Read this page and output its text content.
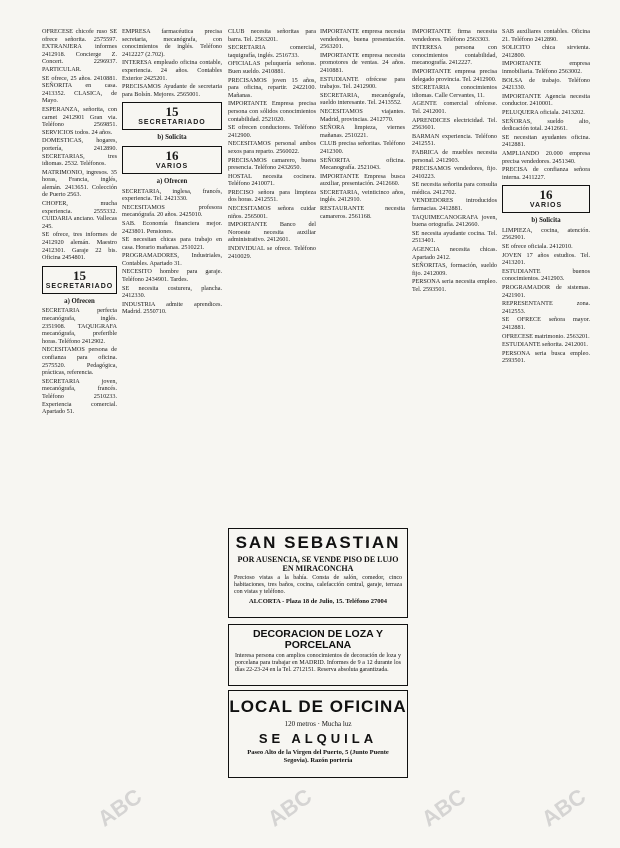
OFRECESE chicofe ruso SE ofrece señorita. 2575597. EXTRANJERA informes 2412918. Concierge Z. Concert. 2296937. PARTICULAR.

SE ofrece, 25 años. 2410881. SEÑORITA en casa. 2413352. CLASICA, de Mayo.

ESPERANZA, señorita, con carnet 2412901 Gran via. Teléfono 2569851. SERVICIOS todos. 24 años.

DOMESTICAS, hogares, portería, 2412890. SECRETARIAS, tres idiomas. 2532. Teléfonos.

MATRIMONIO, ingresos. 35 horas, Francia, inglés, alemán. 2413651. Colección de Puerto 2563.

CHOFER, mucha experiencia. 2555332. CUIDARIA anciano. Vallecas 245.

SE ofrece, tres informes de 2412920 alemán. Maestro 2412301. Garaje 22 bis. Oficina 2454801.

15
SECRETARIADO
a) Ofrecen

SECRETARIA perfecta mecanógrafa, inglés. 2351908. TAQUIGRAFA mecanógrafa, preferible horas. Teléfono 2412902.

NECESITAMOS persona de confianza para oficina. 2575520. Pedagógica, prácticas, referencia.

SECRETARIA joven, mecanógrafa, francés. Teléfono 2510233. Experiencia comercial. Apartado 51.

EMPRESA farmacéutica precisa secretaria, mecanógrafa, con conocimientos de inglés. Teléfono 2412227 (2.702).

INTERESA empleado oficina contable, experiencia. 24 años. Contables Exterior 2425201.

PRECISAMOS Ayudante de secretaria para Bolsín. Mejores. 2565001.

15
SECRETARIADO
b) Solicita
16
VARIOS
a) Ofrecen

SECRETARIA, inglesa, francés, experiencia. Tel. 2421330.

NECESITAMOS profesora mecanógrafa. 20 años. 2425010.

SAB. Economía financiera mejor. 2423801. Pensiones.

SE necesitan chicas para trabajo en casa. Horario mañanas. 2510221.

PROGRAMADORES, Industriales, Contables. Apartado 31.

NECESITO hombre para garaje. Teléfono 2434901. Tardes.

SE necesita costurera, plancha. 2412330.

INDUSTRIA admite aprendices. Madrid. 2550710.

CLUB necesita señoritas para barra. Tel. 2563201.

SECRETARIA comercial, taquigrafía, inglés. 2516733.

OFICIALAS peluquería señoras. Buen sueldo. 2410881.

PRECISAMOS joven 15 años, para oficina, repartir. 2422100. Mañanas.

IMPORTANTE Empresa precisa persona con sólidos conocimientos contabilidad. 2521020.

SE ofrecen conductores. Teléfono 2412900.

NECESITAMOS personal ambos sexos para reparto. 2560022.

PRECISAMOS camarero, buena presencia. Teléfono 2432650.

HOSTAL necesita cocinera. Teléfono 2410071.

PRECISO señora para limpieza dos horas. 2412551.

NECESITAMOS señora cuidar niños. 2565001.

IMPORTANTE Banco del Noroeste necesita auxiliar administrativo. 2412601.

INDIVIDUAL se ofrece. Teléfono 2410029.

IMPORTANTE empresa necesita vendedores, buena presentación. 2563201.

IMPORTANTE empresa necesita promotores de ventas. 24 años. 2410881.

ESTUDIANTE ofrécese para trabajos. Tel. 2412900.

SECRETARIA, mecanógrafa, sueldo interesante. Tel. 2413552.

NECESITAMOS viajantes. Madrid, provincias. 2412770.

SEÑORA limpieza, viernes mañanas. 2510221.

CLUB precisa señoritas. Teléfono 2412300.

SEÑORITA oficina. Mecanografía. 2521043.

IMPORTANTE Empresa busca auxiliar, presentación. 2412660.

SECRETARIA, veinticinco años, inglés. 2412910.

RESTAURANTE necesita camareros. 2561168.

IMPORTANTE firma necesita vendedores. Teléfono 2563303.

INTERESA persona con conocimientos contabilidad, mecanografía. 2412227.

IMPORTANTE empresa precisa delegado provincia. Tel. 2412900.

SECRETARIA conocimientos idiomas. Calle Cervantes, 11.

AGENTE comercial ofrécese. Tel. 2412001.

APRENDICES electricidad. Tel. 2563601.

BARMAN experiencia. Teléfono 2412551.

FABRICA de muebles necesita personal. 2412903.

PRECISAMOS vendedores, fijo. 2410223.

SE necesita señorita para consulta médica. 2412702.

VENDEDORES introducidos farmacias. 2412881.

TAQUIMECANOGRAFA joven, buena ortografía. 2412660.

SE necesita ayudante cocina. Tel. 2513401.

AGENCIA necesita chicas. Apartado 2412.

SEÑORITAS, formación, sueldo fijo. 2412009.

PERSONA seria necesita empleo. Tel. 2593501.

SAB auxiliares contables. Oficina 21. Teléfono 2412890.

SOLICITO chica sirvienta. 2412800.

IMPORTANTE empresa inmobiliaria. Teléfono 2563002.

BOLSA de trabajo. Teléfono 2421330.

IMPORTANTE Agencia necesita conductor. 2410001.

PELUQUERA oficiala. 2413202.

SEÑORAS, sueldo alto, dedicación total. 2412661.

SE necesitan ayudantes oficina. 2412881.

AMPLIANDO 20.000 empresa precisa vendedores. 2451340.

PRECISA de confianza señora interna. 2411227.

16
VARIOS
b) Solicita

LIMPIEZA, cocina, atención. 2562901.

SE ofrece oficiala. 2412010.

JOVEN 17 años estudios. Tel. 2413201.

ESTUDIANTE buenos conocimientos. 2412903.

PROGRAMADOR de sistemas. 2421901.

REPRESENTANTE zona. 2412553.

SE OFRECE señora mayor. 2412881.

OFRECESE matrimonio. 2563201.

ESTUDIANTE señorita. 2412001.

PERSONA seria busca empleo. 2593501.

SAN SEBASTIAN
POR AUSENCIA, SE VENDE PISO DE LUJO EN MIRACONCHA
Precioso vistas a la bahía. Consta de salón, comedor, cinco habitaciones, tres baños, cocina, calefacción central, garaje, terraza con vistas y teléfono.
ALCORTA - Plaza 18 de Julio, 15. Teléfono 27004
DECORACION DE LOZA Y PORCELANA
Interesa persona con amplios conocimientos de decoración de loza y porcelana para trabajar en MADRID. Informes de 9 a 12 durante los días 22-23-24 en la Tel. 2712151. Reserva absoluta garantizada.
LOCAL DE OFICINA
120 metros · Mucha luz
SE ALQUILA
Paseo Alto de la Virgen del Puerto, 5 (Junto Puente Segovia). Razón portería
ABC	ABC	ABC	ABC
